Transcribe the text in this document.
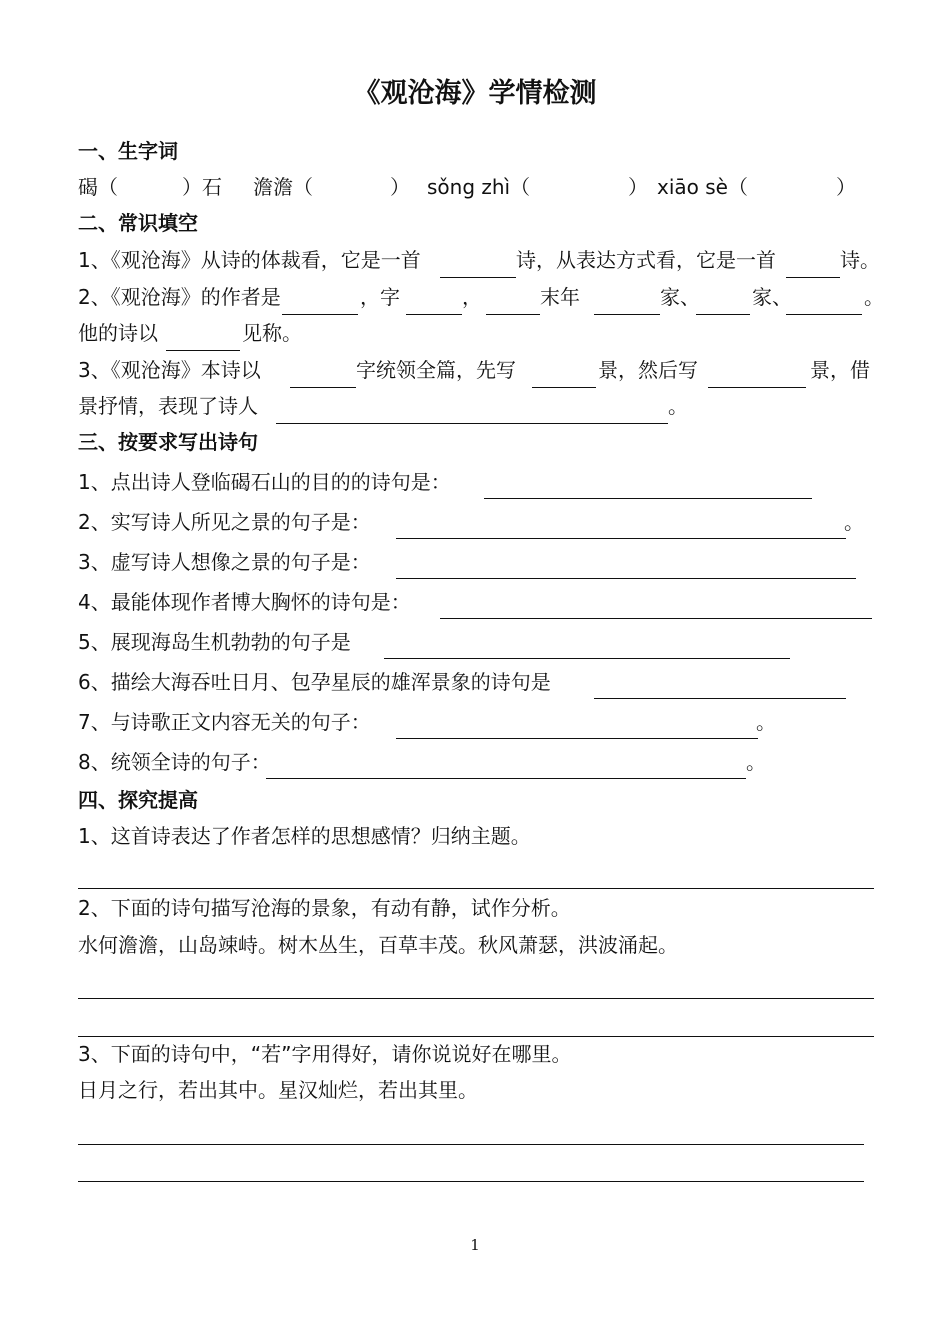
《观沧海》学情检测
一、生字词
碣（	）石 澹澹（	） sǒng zhì（	） xiāo sè（	）
二、常识填空
1、《观沧海》从诗的体裁看，它是一首	诗，从表达方式看，它是一首	诗。
2、《观沧海》的作者是	，字	，	末年	家、	家、	。
他的诗以	见称。
3、《观沧海》本诗以	字统领全篇，先写	景，然后写	景，借
景抒情，表现了诗人	。
三、按要求写出诗句
1、点出诗人登临碣石山的目的的诗句是：
2、实写诗人所见之景的句子是：	。
3、虚写诗人想像之景的句子是：
4、最能体现作者博大胸怀的诗句是：
5、展现海岛生机勃勃的句子是
6、描绘大海吞吐日月、包孕星辰的雄浑景象的诗句是
7、与诗歌正文内容无关的句子：	。
8、统领全诗的句子：	。
四、探究提高
1、这首诗表达了作者怎样的思想感情？归纳主题。
2、下面的诗句描写沧海的景象，有动有静，试作分析。
水何澹澹，山岛竦峙。树木丛生，百草丰茂。秋风萧瑟，洪波涌起。
3、下面的诗句中，“若”字用得好，请你说说好在哪里。
日月之行，若出其中。星汉灿烂，若出其里。
1
